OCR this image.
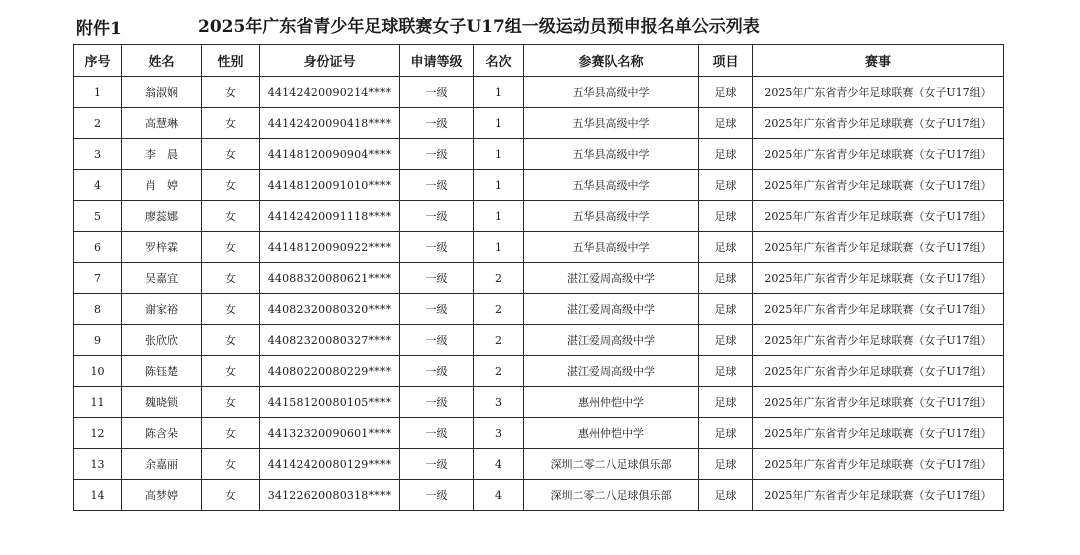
附件1	2025年广东省青少年足球联赛女子U17组一级运动员预申报名单公示列表
序号	姓名	性别	身份证号	申请等级	名次	参赛队名称	项目	赛事
1	翁淑娴	女	44142420090214****	一级	1	五华县高级中学	足球	2025年广东省青少年足球联赛（女子U17组）
2	高慧琳	女	44142420090418****	一级	1	五华县高级中学	足球	2025年广东省青少年足球联赛（女子U17组）
3	李　晨	女	44148120090904****	一级	1	五华县高级中学	足球	2025年广东省青少年足球联赛（女子U17组）
4	肖　婷	女	44148120091010****	一级	1	五华县高级中学	足球	2025年广东省青少年足球联赛（女子U17组）
5	廖蕊娜	女	44142420091118****	一级	1	五华县高级中学	足球	2025年广东省青少年足球联赛（女子U17组）
6	罗梓霖	女	44148120090922****	一级	1	五华县高级中学	足球	2025年广东省青少年足球联赛（女子U17组）
7	吴嘉宜	女	44088320080621****	一级	2	湛江爱周高级中学	足球	2025年广东省青少年足球联赛（女子U17组）
8	谢家裕	女	44082320080320****	一级	2	湛江爱周高级中学	足球	2025年广东省青少年足球联赛（女子U17组）
9	张欣欣	女	44082320080327****	一级	2	湛江爱周高级中学	足球	2025年广东省青少年足球联赛（女子U17组）
10	陈钰楚	女	44080220080229****	一级	2	湛江爱周高级中学	足球	2025年广东省青少年足球联赛（女子U17组）
11	魏晓锁	女	44158120080105****	一级	3	惠州仲恺中学	足球	2025年广东省青少年足球联赛（女子U17组）
12	陈含朵	女	44132320090601****	一级	3	惠州仲恺中学	足球	2025年广东省青少年足球联赛（女子U17组）
13	余嘉丽	女	44142420080129****	一级	4	深圳二零二八足球俱乐部	足球	2025年广东省青少年足球联赛（女子U17组）
14	高梦婷	女	34122620080318****	一级	4	深圳二零二八足球俱乐部	足球	2025年广东省青少年足球联赛（女子U17组）
